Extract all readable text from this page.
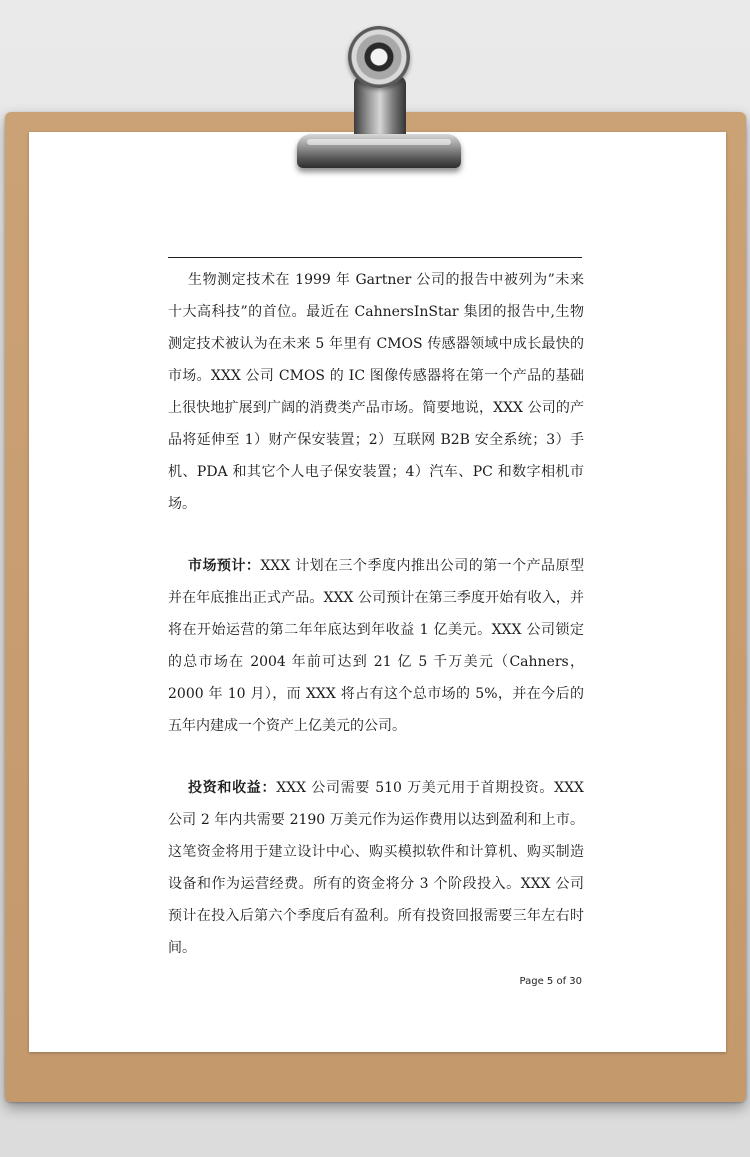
生物测定技术在 1999 年 Gartner 公司的报告中被列为”未来十大高科技”的首位。最近在 CahnersInStar 集团的报告中,生物测定技术被认为在未来 5 年里有 CMOS 传感器领域中成长最快的市场。XXX 公司 CMOS 的 IC 图像传感器将在第一个产品的基础上很快地扩展到广阔的消费类产品市场。简要地说，XXX 公司的产品将延伸至 1）财产保安装置；2）互联网 B2B 安全系统；3）手机、PDA 和其它个人电子保安装置；4）汽车、PC 和数字相机市场。

市场预计：XXX 计划在三个季度内推出公司的第一个产品原型并在年底推出正式产品。XXX 公司预计在第三季度开始有收入，并将在开始运营的第二年年底达到年收益 1 亿美元。XXX 公司锁定的总市场在 2004 年前可达到 21 亿 5 千万美元（Cahners，2000 年 10 月），而 XXX 将占有这个总市场的 5%，并在今后的五年内建成一个资产上亿美元的公司。

投资和收益：XXX 公司需要 510 万美元用于首期投资。XXX 公司 2 年内共需要 2190 万美元作为运作费用以达到盈利和上市。这笔资金将用于建立设计中心、购买模拟软件和计算机、购买制造设备和作为运营经费。所有的资金将分 3 个阶段投入。XXX 公司预计在投入后第六个季度后有盈利。所有投资回报需要三年左右时间。

Page 5 of 30
